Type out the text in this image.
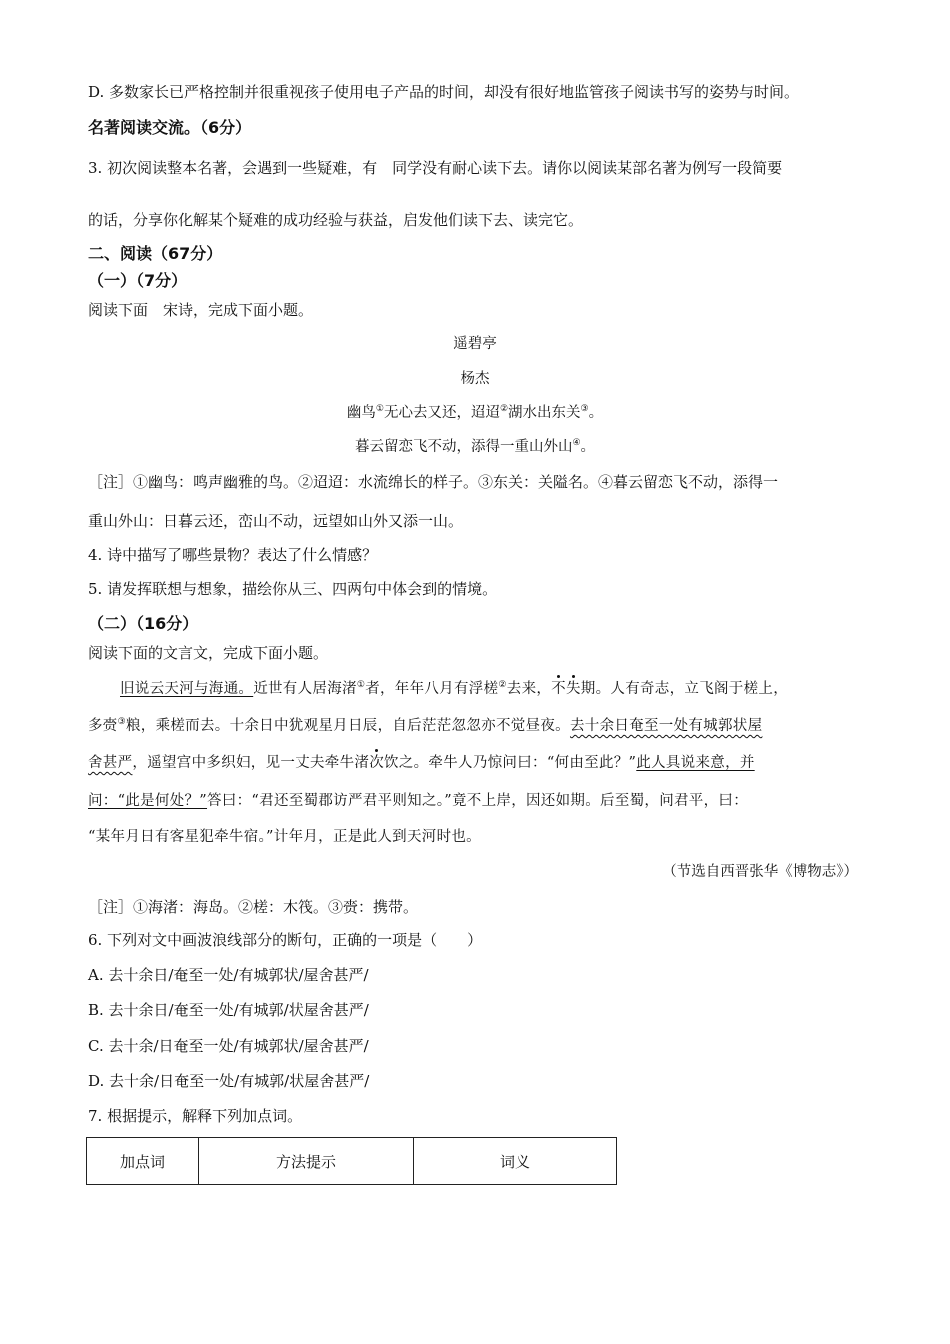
D. 多数家长已严格控制并很重视孩子使用电子产品的时间，却没有很好地监管孩子阅读书写的姿势与时间。
名著阅读交流。（6分）
3. 初次阅读整本名著，会遇到一些疑难，有　同学没有耐心读下去。请你以阅读某部名著为例写一段简要
的话，分享你化解某个疑难的成功经验与获益，启发他们读下去、读完它。
二、阅读（67分）
（一）（7分）
阅读下面　宋诗，完成下面小题。
遥碧亭
杨杰
幽鸟①无心去又还，迢迢②湖水出东关③。
暮云留恋飞不动，添得一重山外山④。
［注］①幽鸟：鸣声幽雅的鸟。②迢迢：水流绵长的样子。③东关：关隘名。④暮云留恋飞不动，添得一
重山外山：日暮云还，峦山不动，远望如山外又添一山。
4. 诗中描写了哪些景物？表达了什么情感？
5. 请发挥联想与想象，描绘你从三、四两句中体会到的情境。
（二）（16分）
阅读下面的文言文，完成下面小题。
旧说云天河与海通。近世有人居海渚①者，年年八月有浮槎②去来，不失期。人有奇志，立飞阁于槎上，
多赍③粮，乘槎而去。十余日中犹观星月日辰，自后茫茫忽忽亦不觉昼夜。去十余日奄至一处有城郭状屋
舍甚严，遥望宫中多织妇，见一丈夫牵牛渚次饮之。牵牛人乃惊问曰：“何由至此？”此人具说来意，并
问：“此是何处？”答曰：“君还至蜀郡访严君平则知之。”竟不上岸，因还如期。后至蜀，问君平，曰：
“某年月日有客星犯牵牛宿。”计年月，正是此人到天河时也。
（节选自西晋张华《博物志》）
［注］①海渚：海岛。②槎：木筏。③赍：携带。
6. 下列对文中画波浪线部分的断句，正确的一项是（　　）
A. 去十余日/奄至一处/有城郭状/屋舍甚严/
B. 去十余日/奄至一处/有城郭/状屋舍甚严/
C. 去十余/日奄至一处/有城郭状/屋舍甚严/
D. 去十余/日奄至一处/有城郭/状屋舍甚严/
7. 根据提示，解释下列加点词。
加点词	方法提示	词义
